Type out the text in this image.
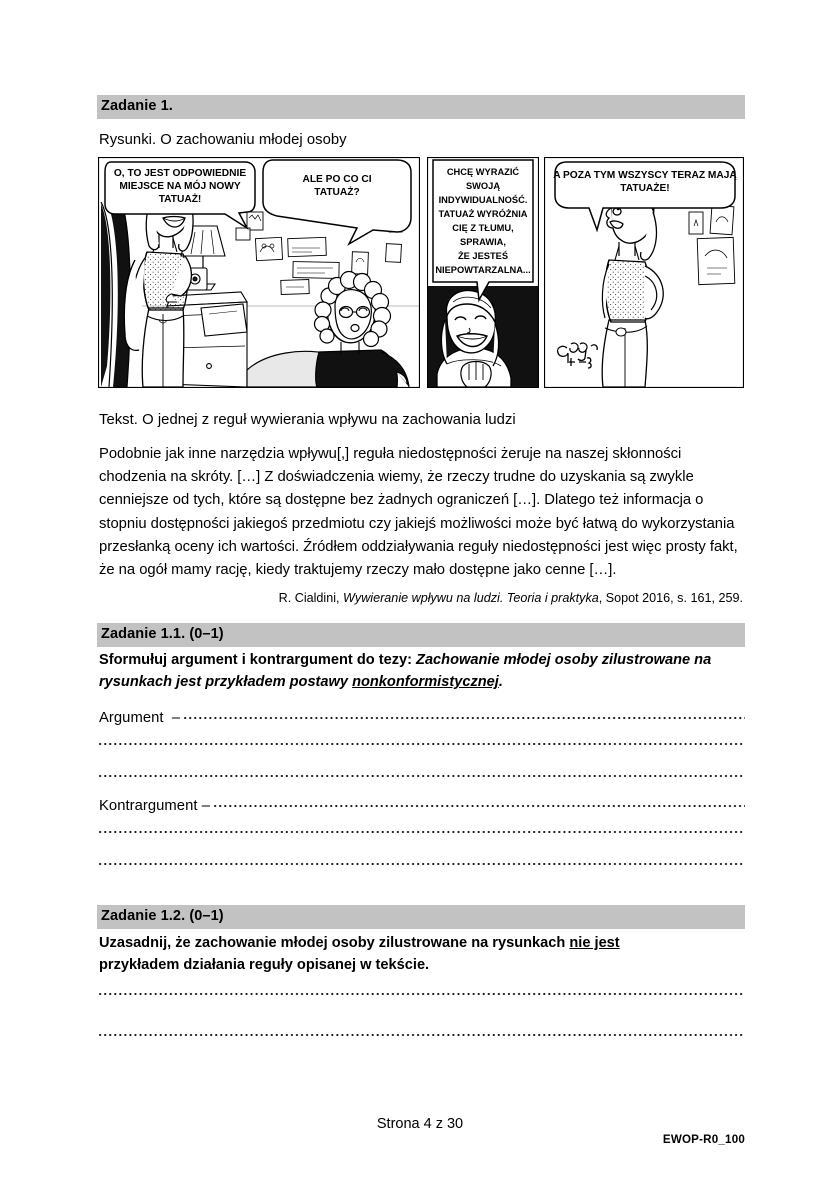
Zadanie 1.
Rysunki. O zachowaniu młodej osoby
O, TO JEST ODPOWIEDNIE
MIEJSCE NA MÓJ NOWY
TATUAŻ!
ALE PO CO CI
TATUAŻ?
CHCĘ WYRAZIĆ
SWOJĄ
INDYWIDUALNOŚĆ.
TATUAŻ WYRÓŻNIA
CIĘ Z TŁUMU,
SPRAWIA,
ŻE JESTEŚ
NIEPOWTARZALNA...
A POZA TYM WSZYSCY TERAZ MAJĄ
TATUAŻE!
Tekst. O jednej z reguł wywierania wpływu na zachowania ludzi
Podobnie jak inne narzędzia wpływu[,] reguła niedostępności żeruje na naszej skłonności chodzenia na skróty. […] Z doświadczenia wiemy, że rzeczy trudne do uzyskania są zwykle cenniejsze od tych, które są dostępne bez żadnych ograniczeń […]. Dlatego też informacja o stopniu dostępności jakiegoś przedmiotu czy jakiejś możliwości może być łatwą do wykorzystania przesłanką oceny ich wartości. Źródłem oddziaływania reguły niedostępności jest więc prosty fakt, że na ogół mamy rację, kiedy traktujemy rzeczy mało dostępne jako cenne […].
R. Cialdini, Wywieranie wpływu na ludzi. Teoria i praktyka, Sopot 2016, s. 161, 259.
Zadanie 1.1. (0–1)
Sformułuj argument i kontrargument do tezy: Zachowanie młodej osoby zilustrowane na rysunkach jest przykładem postawy nonkonformistycznej.
Argument  –
Kontrargument –
Zadanie 1.2. (0–1)
Uzasadnij, że zachowanie młodej osoby zilustrowane na rysunkach nie jest
przykładem działania reguły opisanej w tekście.
Strona 4 z 30
EWOP-R0_100
